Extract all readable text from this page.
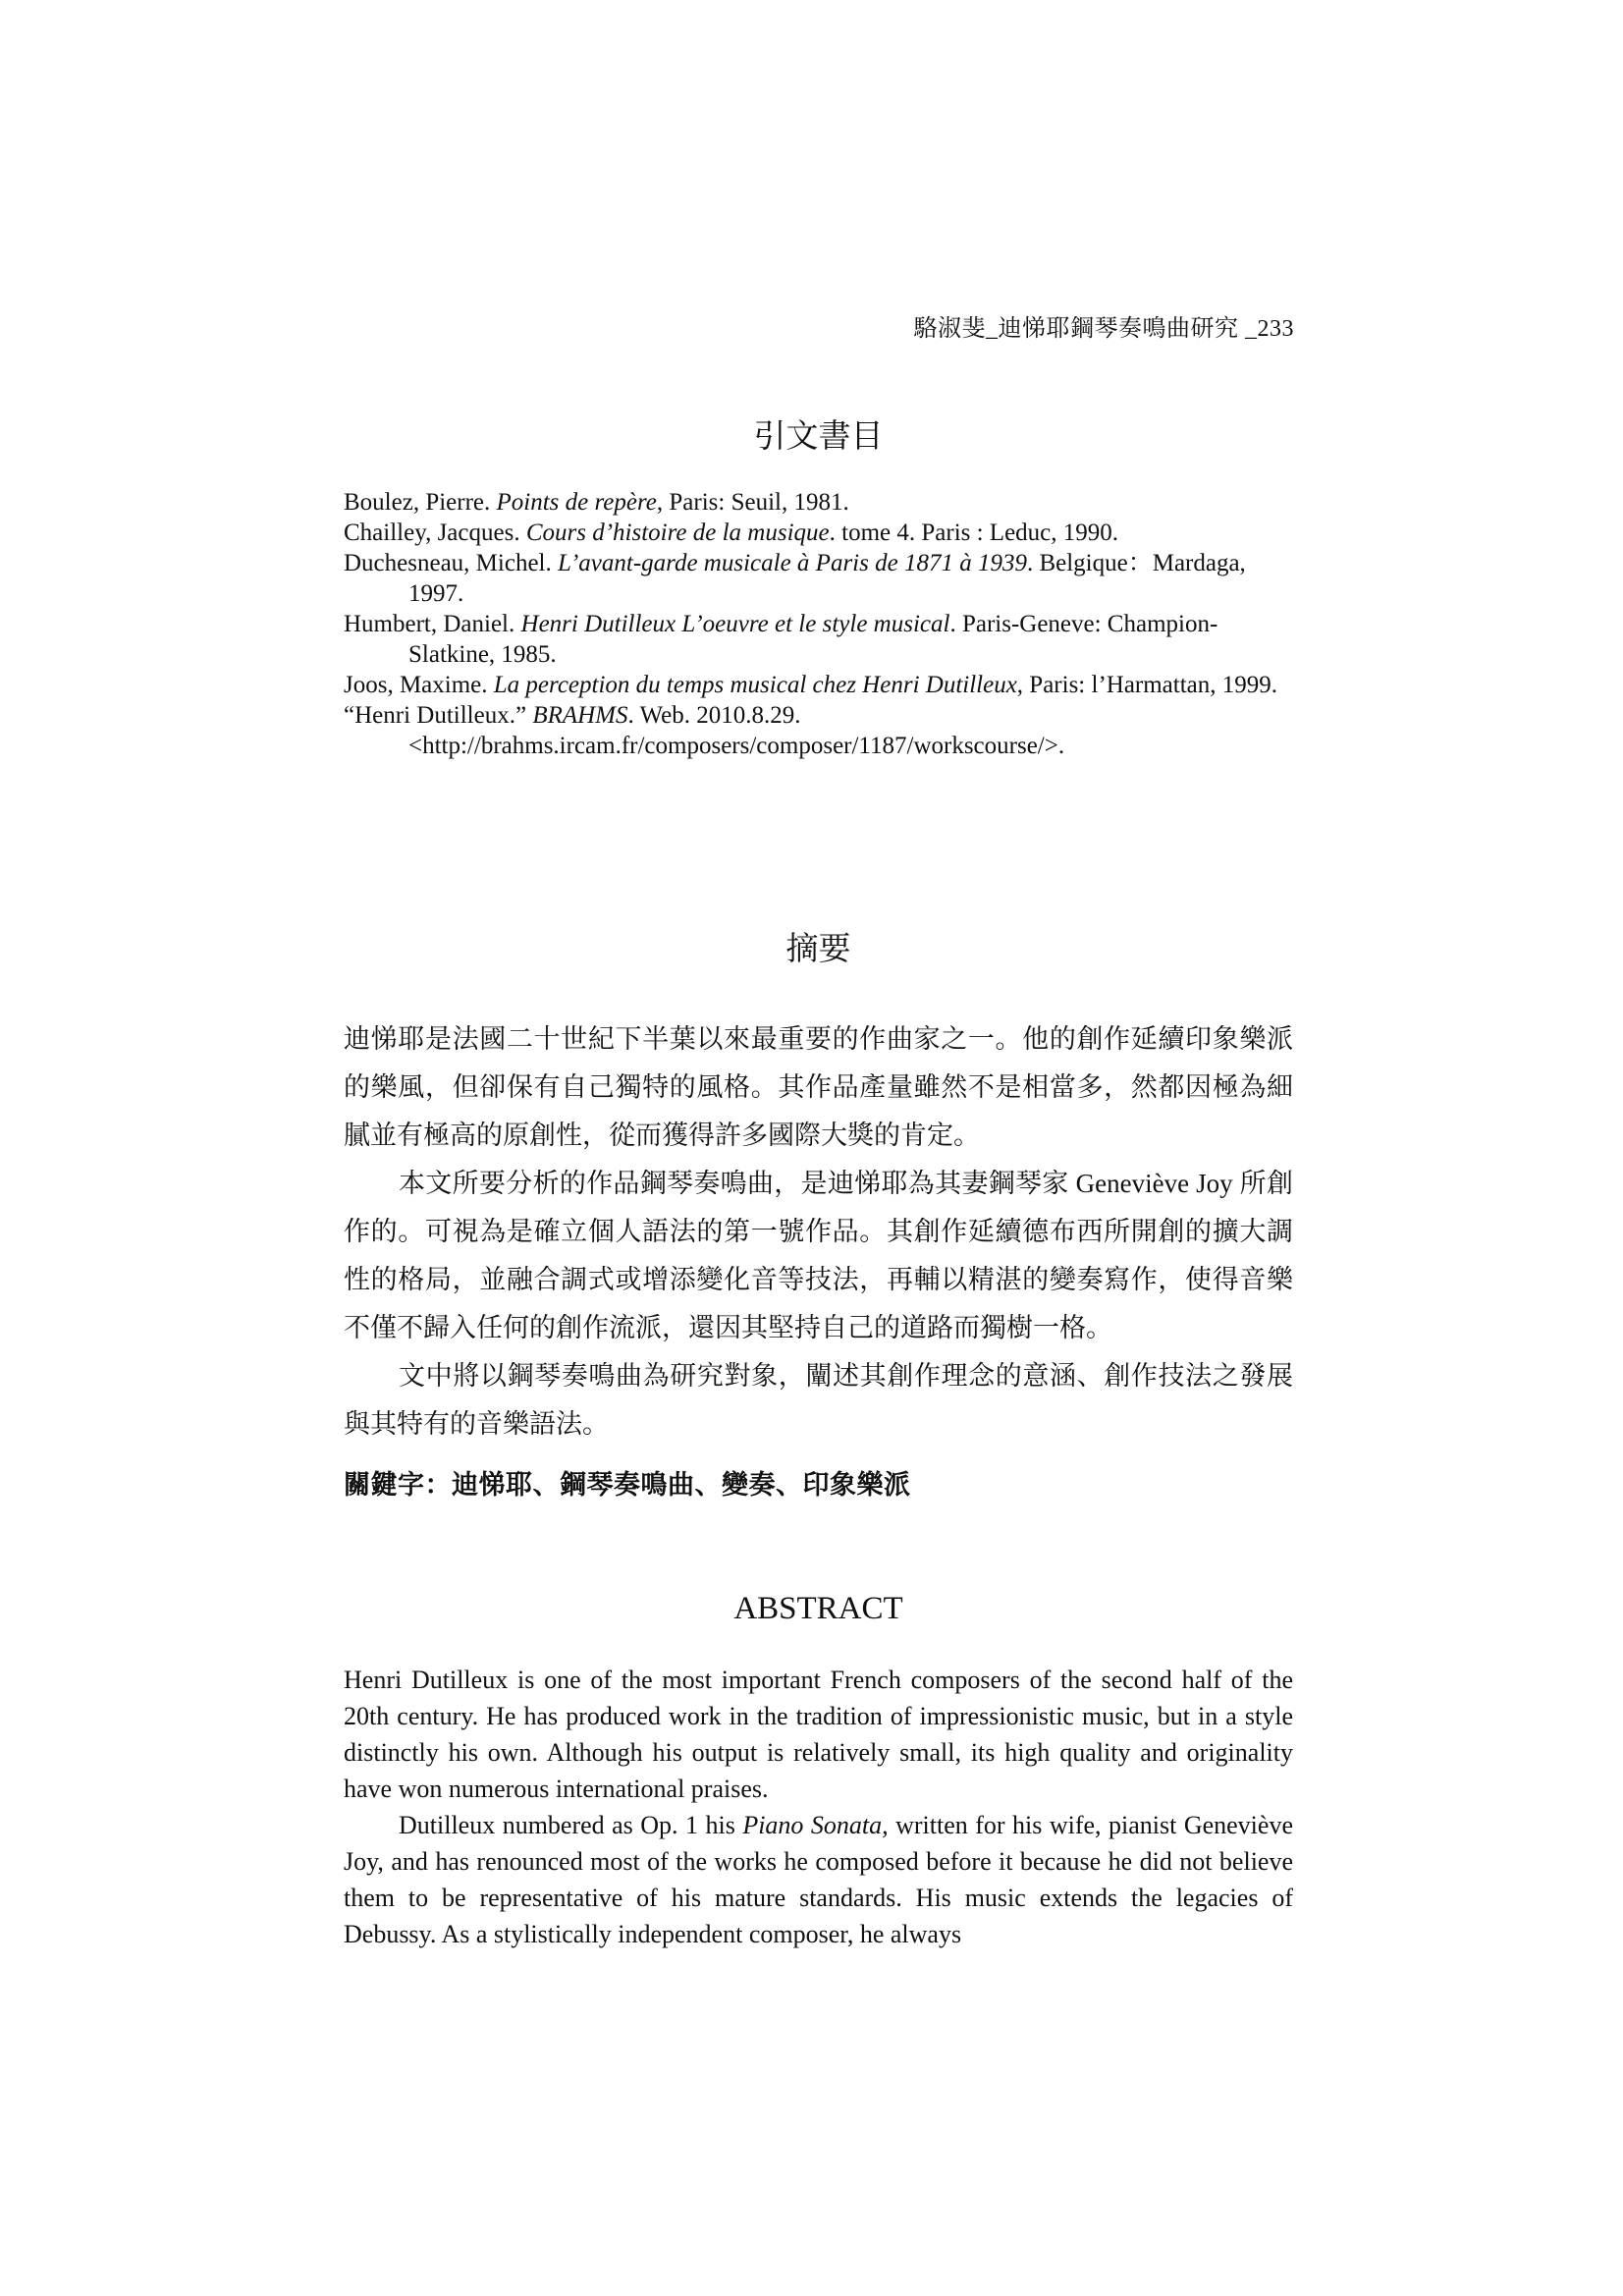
駱淑斐_迪悌耶鋼琴奏鳴曲研究 _233
引文書目
Boulez, Pierre. Points de repère, Paris: Seuil, 1981.
Chailley, Jacques. Cours d’histoire de la musique. tome 4. Paris : Leduc, 1990.
Duchesneau, Michel. L’avant-garde musicale à Paris de 1871 à 1939. Belgique：Mardaga, 1997.
Humbert, Daniel. Henri Dutilleux L’oeuvre et le style musical. Paris-Geneve: Champion-Slatkine, 1985.
Joos, Maxime. La perception du temps musical chez Henri Dutilleux, Paris: l’Harmattan, 1999.
“Henri Dutilleux.” BRAHMS. Web. 2010.8.29. <http://brahms.ircam.fr/composers/composer/1187/workscourse/>.
摘要

迪悌耶是法國二十世紀下半葉以來最重要的作曲家之一。他的創作延續印象樂派的樂風，但卻保有自己獨特的風格。其作品產量雖然不是相當多，然都因極為細膩並有極高的原創性，從而獲得許多國際大獎的肯定。

本文所要分析的作品鋼琴奏鳴曲，是迪悌耶為其妻鋼琴家 Geneviève Joy 所創作的。可視為是確立個人語法的第一號作品。其創作延續德布西所開創的擴大調性的格局，並融合調式或增添變化音等技法，再輔以精湛的變奏寫作，使得音樂不僅不歸入任何的創作流派，還因其堅持自己的道路而獨樹一格。

文中將以鋼琴奏鳴曲為研究對象，闡述其創作理念的意涵、創作技法之發展與其特有的音樂語法。

關鍵字：迪悌耶、鋼琴奏鳴曲、變奏、印象樂派

ABSTRACT

Henri Dutilleux is one of the most important French composers of the second half of the 20th century. He has produced work in the tradition of impressionistic music, but in a style distinctly his own. Although his output is relatively small, its high quality and originality have won numerous international praises.

Dutilleux numbered as Op. 1 his Piano Sonata, written for his wife, pianist Geneviève Joy, and has renounced most of the works he composed before it because he did not believe them to be representative of his mature standards. His music extends the legacies of Debussy. As a stylistically independent composer, he always
